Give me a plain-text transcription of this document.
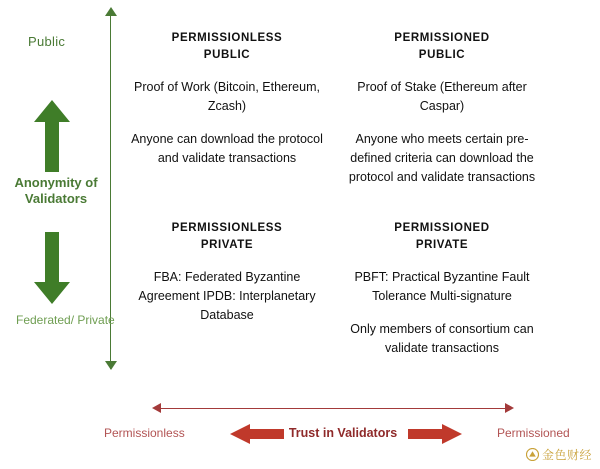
Public
Anonymity of Validators
Federated/ Private
PERMISSIONLESS
PUBLIC
Proof of Work (Bitcoin, Ethereum, Zcash)
Anyone can download the protocol and validate transactions
PERMISSIONED
PUBLIC
Proof of Stake (Ethereum after Caspar)
Anyone who meets certain pre-defined criteria can download the protocol and validate transactions
PERMISSIONLESS
PRIVATE
FBA: Federated Byzantine Agreement IPDB: Interplanetary Database
PERMISSIONED
PRIVATE
PBFT: Practical Byzantine Fault Tolerance Multi-signature
Only members of consortium can validate transactions
Permissionless	Permissioned
Trust in Validators
金色财经
